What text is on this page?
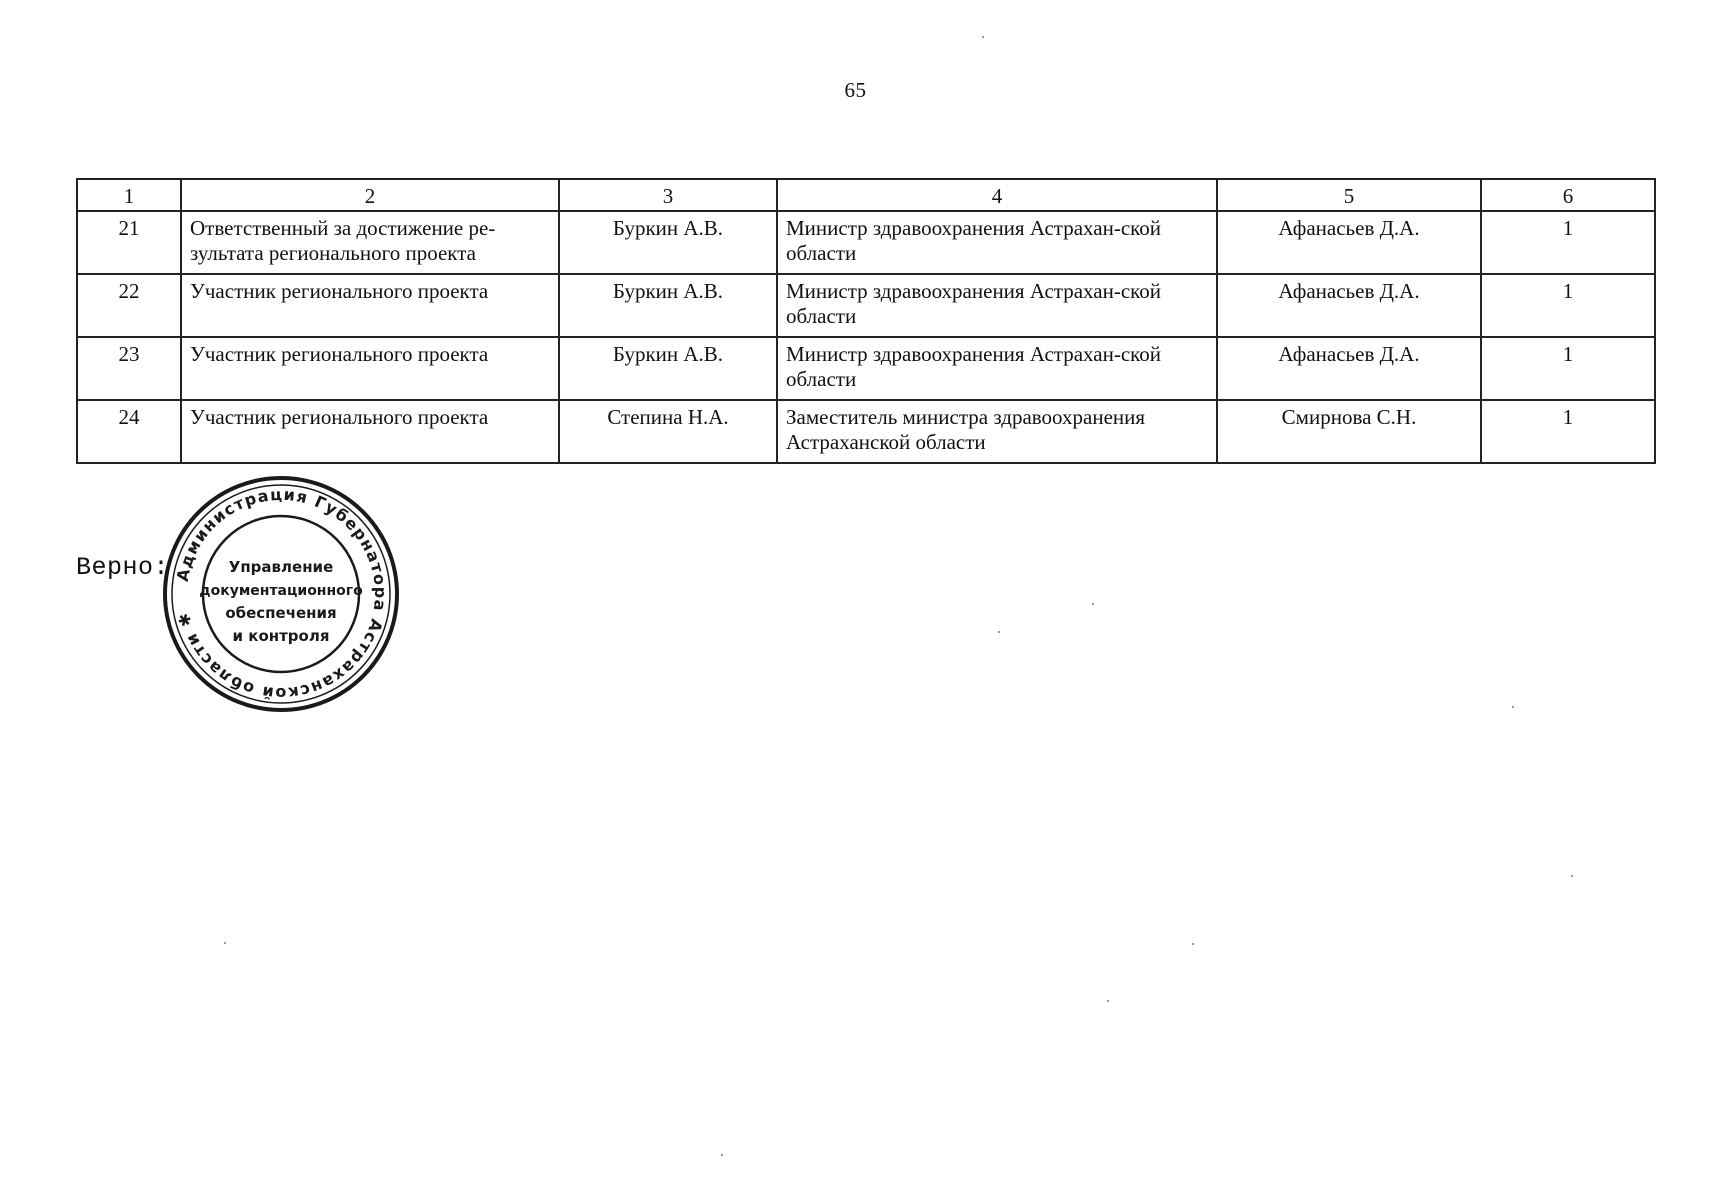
65
1	2	3	4	5	6
21	Ответственный за достижение ре-зультата регионального проекта	Буркин А.В.	Министр здравоохранения Астрахан-ской области	Афанасьев Д.А.	1
22	Участник регионального проекта	Буркин А.В.	Министр здравоохранения Астрахан-ской области	Афанасьев Д.А.	1
23	Участник регионального проекта	Буркин А.В.	Министр здравоохранения Астрахан-ской области	Афанасьев Д.А.	1
24	Участник регионального проекта	Степина Н.А.	Заместитель министра здравоохранения Астраханской области	Смирнова С.Н.	1
Верно: Администрация Губернатора Астраханской области ✱
Управление
документационного
обеспечения
и контроля
